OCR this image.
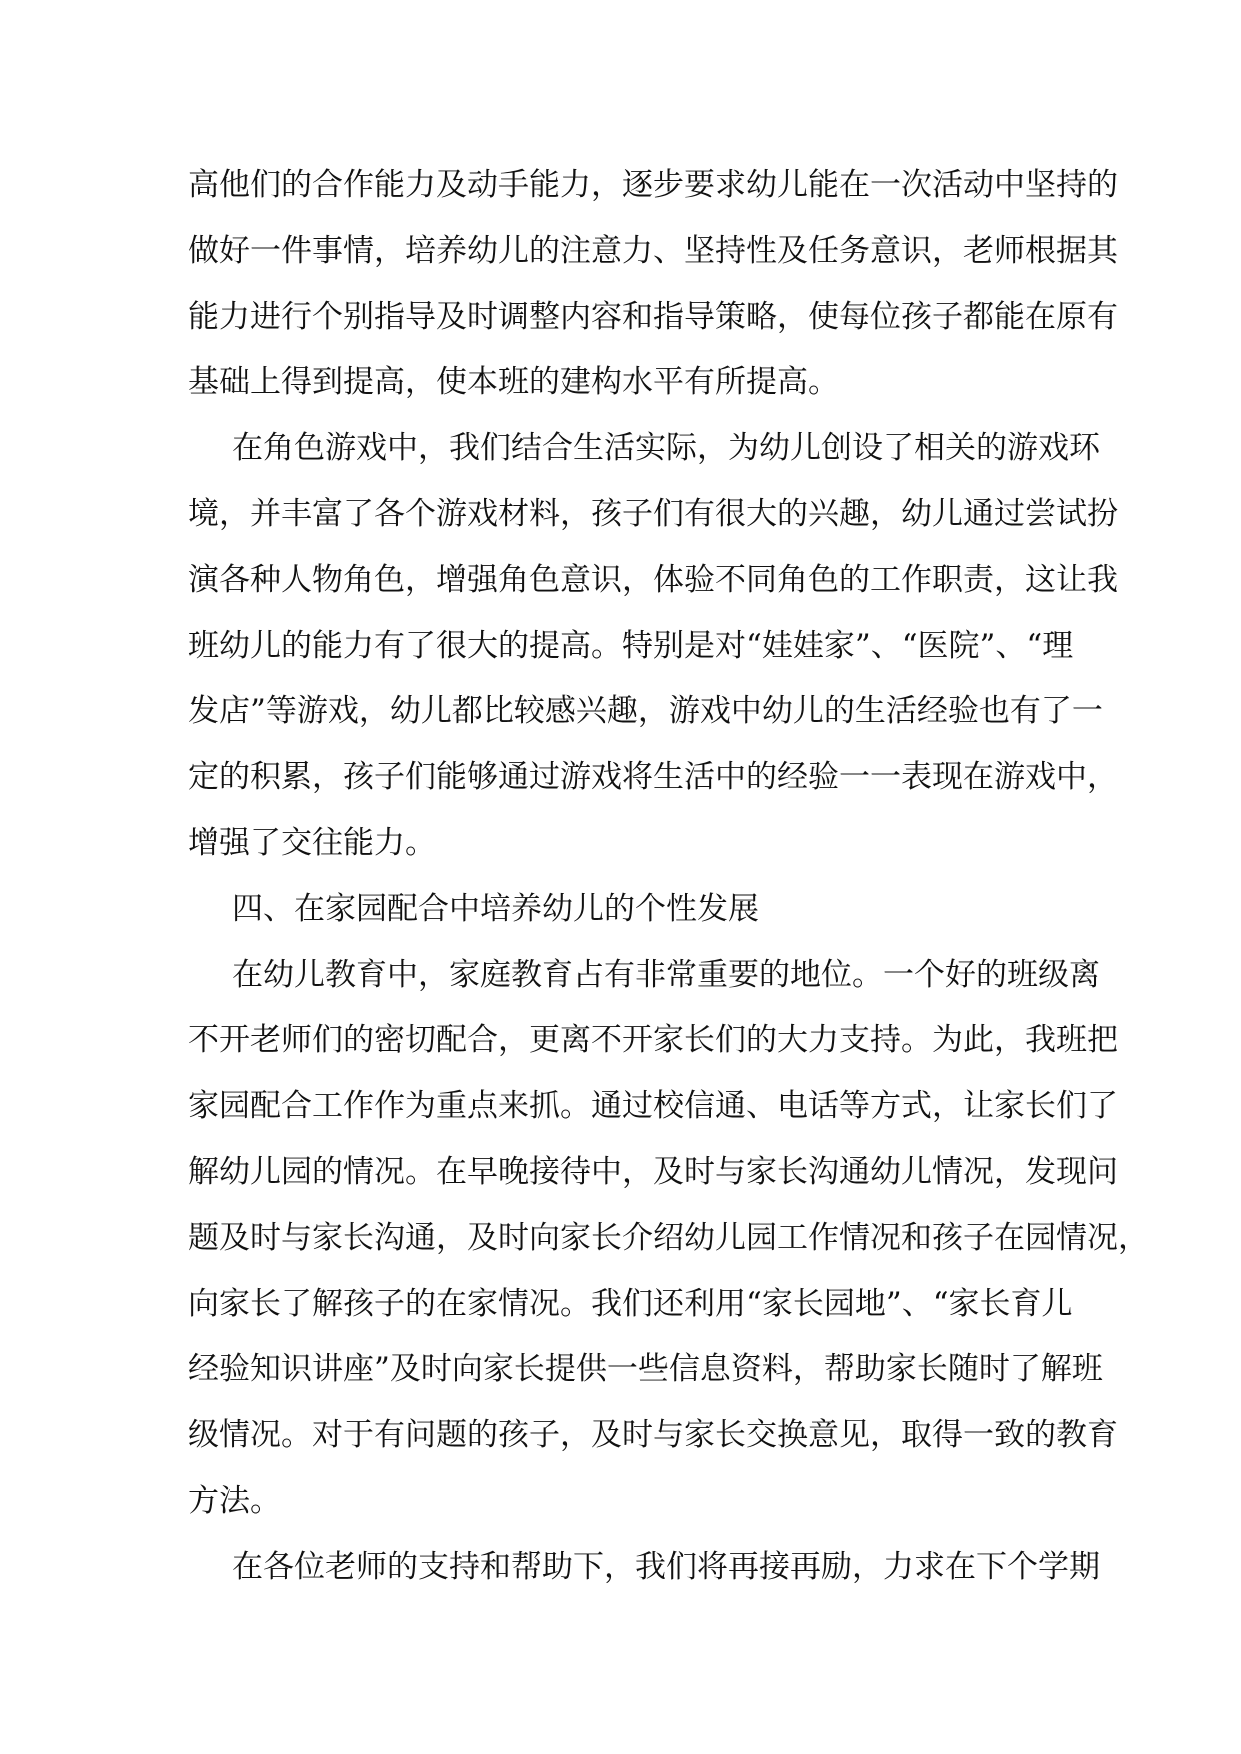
高他们的合作能力及动手能力，逐步要求幼儿能在一次活动中坚持的
做好一件事情，培养幼儿的注意力、坚持性及任务意识，老师根据其
能力进行个别指导及时调整内容和指导策略，使每位孩子都能在原有
基础上得到提高，使本班的建构水平有所提高。
在角色游戏中，我们结合生活实际，为幼儿创设了相关的游戏环
境，并丰富了各个游戏材料，孩子们有很大的兴趣，幼儿通过尝试扮
演各种人物角色，增强角色意识，体验不同角色的工作职责，这让我
班幼儿的能力有了很大的提高。特别是对“娃娃家”、“医院”、“理
发店”等游戏，幼儿都比较感兴趣，游戏中幼儿的生活经验也有了一
定的积累，孩子们能够通过游戏将生活中的经验一一表现在游戏中，
增强了交往能力。
四、在家园配合中培养幼儿的个性发展
在幼儿教育中，家庭教育占有非常重要的地位。一个好的班级离
不开老师们的密切配合，更离不开家长们的大力支持。为此，我班把
家园配合工作作为重点来抓。通过校信通、电话等方式，让家长们了
解幼儿园的情况。在早晚接待中，及时与家长沟通幼儿情况，发现问
题及时与家长沟通，及时向家长介绍幼儿园工作情况和孩子在园情况，
向家长了解孩子的在家情况。我们还利用“家长园地”、“家长育儿
经验知识讲座”及时向家长提供一些信息资料，帮助家长随时了解班
级情况。对于有问题的孩子，及时与家长交换意见，取得一致的教育
方法。
在各位老师的支持和帮助下，我们将再接再励，力求在下个学期
